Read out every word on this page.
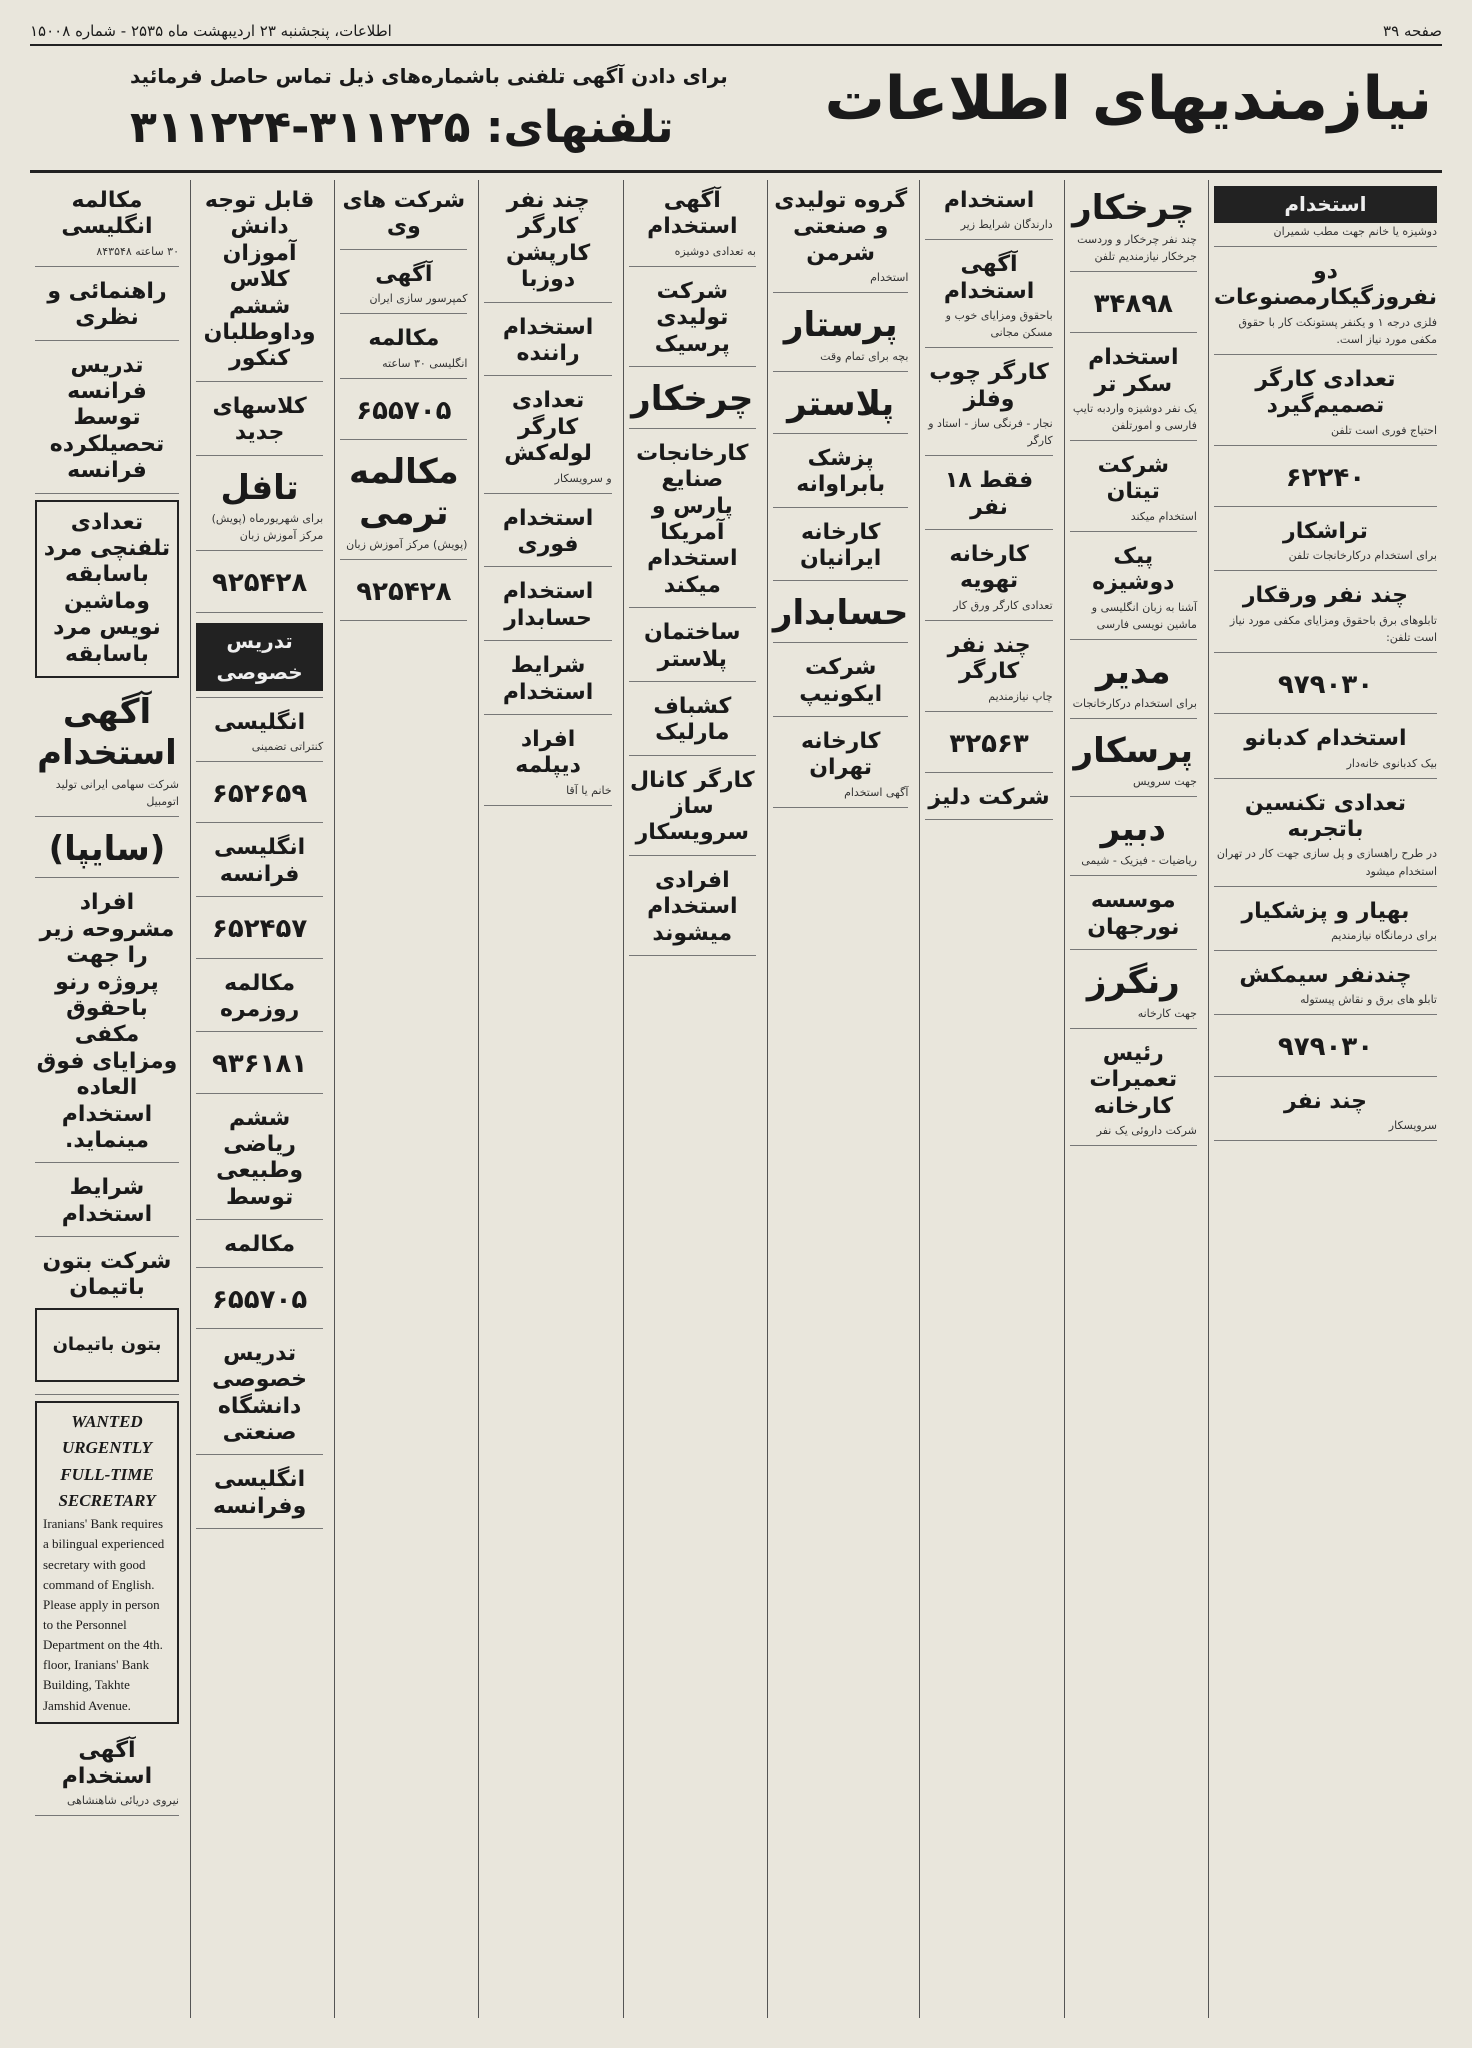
صفحه ۳۹
اطلاعات، پنجشنبه ۲۳ اردیبهشت ماه ۲۵۳۵ - شماره ۱۵۰۰۸
نیازمندیهای اطلاعات
برای دادن آگهی تلفنی باشماره‌های ذیل تماس حاصل فرمائید
تلفنهای: ۳۱۱۲۲۵-۳۱۱۲۲۴
استخدام
دوشیزه یا خانم جهت مطب شمیران
دو نفروزگیکارمصنوعات
فلزی درجه ۱ و یکنفر پستونکت کار با حقوق مکفی مورد نیاز است.
تعدادی کارگر تصمیم‌گیرد
احتیاج فوری است تلفن
۶۲۲۴۰
تراشکار
برای استخدام درکارخانجات تلفن
چند نفر ورقکار
تابلوهای برق باحقوق ومزایای مکفی مورد نیاز است تلفن:
۹۷۹۰۳۰
استخدام کدبانو
بیک کدبانوی خانه‌دار
تعدادی تکنسین باتجربه
در طرح راهسازی و پل سازی جهت کار در تهران استخدام میشود
بهیار و پزشکیار
برای درمانگاه نیازمندیم
چندنفر سیمکش
تابلو های برق و نقاش پیستوله
۹۷۹۰۳۰
چند نفر
سرویسکار
چرخکار
چند نفر چرخکار و وردست جرخکار نیازمندیم تلفن
۳۴۸۹۸
استخدام سکر تر
یک نفر دوشیزه واردبه تایپ فارسی و امورتلفن
شرکت تیتان
استخدام میکند
پیک دوشیزه
آشنا به زبان انگلیسی و ماشین نویسی فارسی
مدیر
برای استخدام درکارخانجات
پرسکار
جهت سرویس
دبیر
ریاضیات - فیزیک - شیمی
موسسه نورجهان
رنگرز
جهت کارخانه
رئیس تعمیرات کارخانه
شرکت داروئی یک نفر
استخدام
دارندگان شرایط زیر
آگهی استخدام
باحقوق ومزایای خوب و مسکن مجانی
کارگر چوب وفلز
نجار - فرنگی ساز - استاد و کارگر
فقط ۱۸ نفر
کارخانه تهویه
تعدادی کارگر ورق کار
چند نفر کارگر
چاپ نیازمندیم
۳۲۵۶۳
شرکت دلیز
گروه تولیدی و صنعتی شرمن
استخدام
پرستار
بچه برای تمام وقت
پلاستر
پزشک بابراوانه
کارخانه ایرانیان
حسابدار
شرکت ایکونیپ
کارخانه تهران
آگهی استخدام
آگهی استخدام
به تعدادی دوشیزه
شرکت تولیدی پرسیک
چرخکار
کارخانجات صنایع پارس و آمریکا استخدام میکند
ساختمان پلاستر
کشباف مارلیک
کارگر کانال ساز سرویسکار
افرادی استخدام میشوند
چند نفر کارگر کارپشن دوزبا
استخدام راننده
تعدادی کارگر لوله‌کش
و سرویسکار
استخدام فوری
استخدام حسابدار
شرایط استخدام
افراد دیپلمه
خانم یا آقا
شرکت های وی
آگهی
کمپرسور سازی ایران
مکالمه
انگلیسی ۳۰ ساعته
۶۵۵۷۰۵
مکالمه ترمی
(پویش) مرکز آموزش زبان
۹۲۵۴۲۸
قابل توجه دانش آموزان کلاس ششم وداوطلبان کنکور
کلاسهای جدید
تافل
برای شهریورماه (پویش) مرکز آموزش زبان
۹۲۵۴۲۸
تدریس خصوصی
انگلیسی
کنتراتی تضمینی
۶۵۲۶۵۹
انگلیسی فرانسه
۶۵۲۴۵۷
مکالمه روزمره
۹۳۶۱۸۱
ششم ریاضی وطبیعی توسط
مکالمه
۶۵۵۷۰۵
تدریس خصوصی دانشگاه صنعتی
انگلیسی وفرانسه
مکالمه انگلیسی
۳۰ ساعته ۸۴۳۵۴۸
راهنمائی و نظری
تدریس فرانسه توسط تحصیلکرده فرانسه
تعدادی تلفنچی مرد باسابقه وماشین نویس مرد باسابقه
آگهی استخدام
شرکت سهامی ایرانی تولید اتومبیل
(سایپا)
افراد مشروحه زیر را جهت پروژه رنو باحقوق مکفی ومزایای فوق العاده استخدام مینماید.
شرایط استخدام
شرکت بتون باتیمان
بتون باتیمان
WANTED URGENTLY FULL-TIME SECRETARY
Iranians' Bank requires a bilingual experienced secretary with good command of English. Please apply in person to the Personnel Department on the 4th. floor, Iranians' Bank Building, Takhte Jamshid Avenue.
آگهی استخدام
نیروی دریائی شاهنشاهی
